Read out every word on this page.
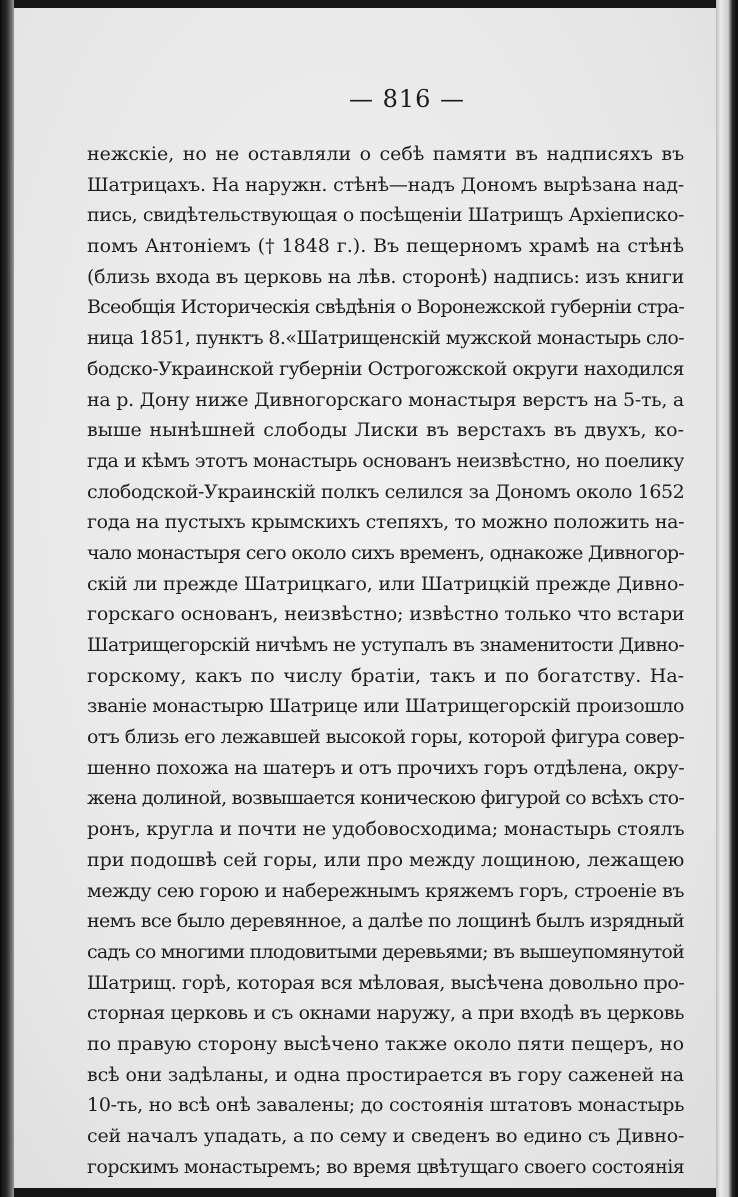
— 816 —
нежскіе, но не оставляли о себѣ памяти въ надписяхъ въ
Шатрицахъ. На наружн. стѣнѣ—надъ Дономъ вырѣзана над-
пись, свидѣтельствующая о посѣщеніи Шатрищъ Архіеписко-
помъ Антоніемъ († 1848 г.). Въ пещерномъ храмѣ на стѣнѣ
(близь входа въ церковь на лѣв. сторонѣ) надпись: изъ книги
Всеобщія Историческія свѣдѣнія о Воронежской губерніи стра-
ница 1851, пунктъ 8.«Шатрищенскій мужской монастырь сло-
бодско-Украинской губерніи Острогожской округи находился
на р. Дону ниже Дивногорскаго монастыря верстъ на 5-ть, а
выше нынѣшней слободы Лиски въ верстахъ въ двухъ, ко-
гда и кѣмъ этотъ монастырь основанъ неизвѣстно, но поелику
слободской-Украинскій полкъ селился за Дономъ около 1652
года на пустыхъ крымскихъ степяхъ, то можно положить на-
чало монастыря сего около сихъ временъ, однакоже Дивногор-
скій ли прежде Шатрицкаго, или Шатрицкій прежде Дивно-
горскаго основанъ, неизвѣстно; извѣстно только что встари
Шатрищегорскій ничѣмъ не уступалъ въ знаменитости Дивно-
горскому, какъ по числу братіи, такъ и по богатству. На-
званіе монастырю Шатрице или Шатрищегорскій произошло
отъ близь его лежавшей высокой горы, которой фигура совер-
шенно похожа на шатеръ и отъ прочихъ горъ отдѣлена, окру-
жена долиной, возвышается коническою фигурой со всѣхъ сто-
ронъ, кругла и почти не удобовосходима; монастырь стоялъ
при подошвѣ сей горы, или про между лощиною, лежащею
между сею горою и набережнымъ кряжемъ горъ, строеніе въ
немъ все было деревянное, а далѣе по лощинѣ былъ изрядный
садъ со многими плодовитыми деревьями; въ вышеупомянутой
Шатрищ. горѣ, которая вся мѣловая, высѣчена довольно про-
сторная церковь и съ окнами наружу, а при входѣ въ церковь
по правую сторону высѣчено также около пяти пещеръ, но
всѣ они задѣланы, и одна простирается въ гору саженей на
10-ть, но всѣ онѣ завалены; до состоянія штатовъ монастырь
сей началъ упадать, а по сему и сведенъ во едино съ Дивно-
горскимъ монастыремъ; во время цвѣтущаго своего состоянія
